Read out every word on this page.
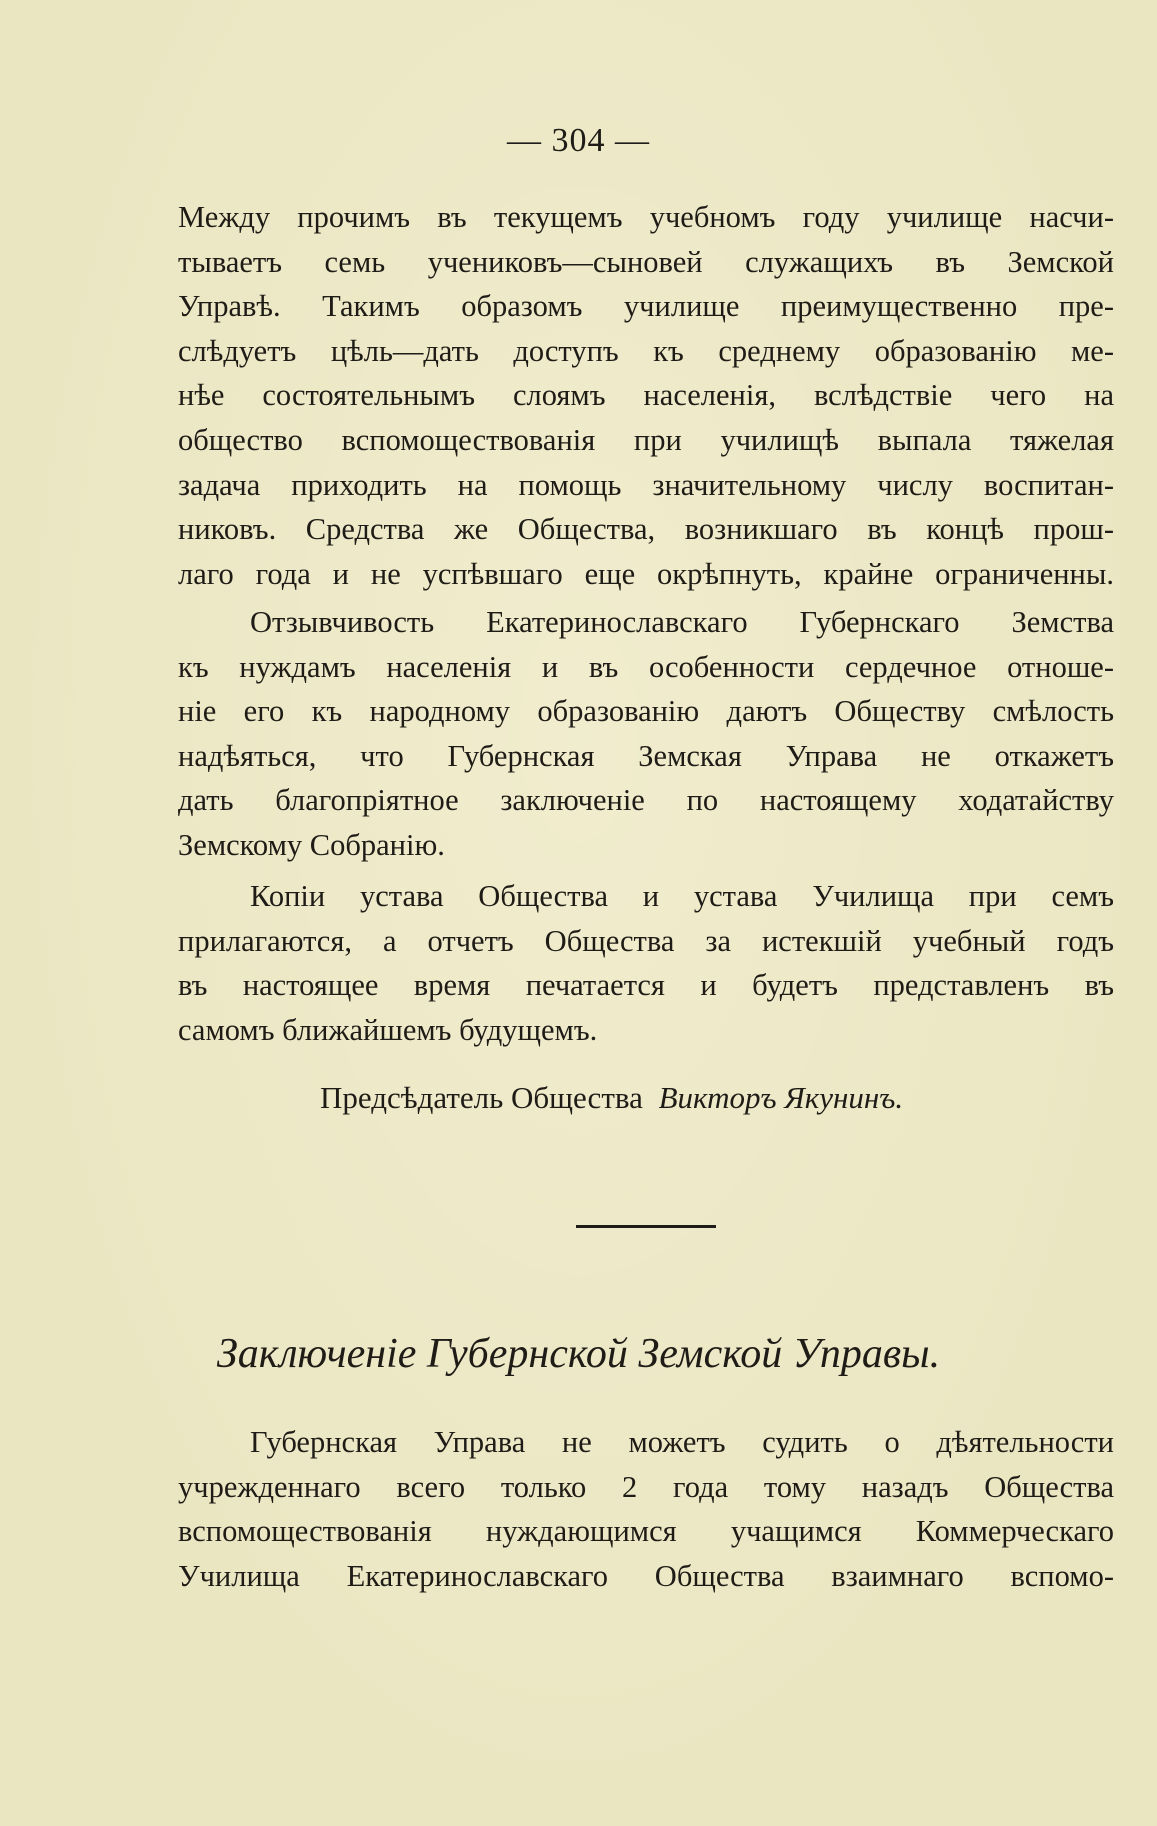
— 304 —
Между прочимъ въ текущемъ учебномъ году училище насчи-
тываетъ семь учениковъ—сыновей служащихъ въ Земской
Управѣ. Такимъ образомъ училище преимущественно пре-
слѣдуетъ цѣль—дать доступъ къ среднему образованію ме-
нѣе состоятельнымъ слоямъ населенія, вслѣдствіе чего на
общество вспомоществованія при училищѣ выпала тяжелая
задача приходить на помощь значительному числу воспитан-
никовъ. Средства же Общества, возникшаго въ концѣ прош-
лаго года и не успѣвшаго еще окрѣпнуть, крайне ограниченны.
Отзывчивость Екатеринославскаго Губернскаго Земства
къ нуждамъ населенія и въ особенности сердечное отноше-
ніе его къ народному образованію даютъ Обществу смѣлость
надѣяться, что Губернская Земская Управа не откажетъ
дать благопріятное заключеніе по настоящему ходатайству
Земскому Собранію.
Копіи устава Общества и устава Училища при семъ
прилагаются, а отчетъ Общества за истекшій учебный годъ
въ настоящее время печатается и будетъ представленъ въ
самомъ ближайшемъ будущемъ.
Предсѣдатель Общества Викторъ Якунинъ.
Заключеніе Губернской Земской Управы.
Губернская Управа не можетъ судить о дѣятельности
учрежденнаго всего только 2 года тому назадъ Общества
вспомоществованія нуждающимся учащимся Коммерческаго
Училища Екатеринославскаго Общества взаимнаго вспомо-
